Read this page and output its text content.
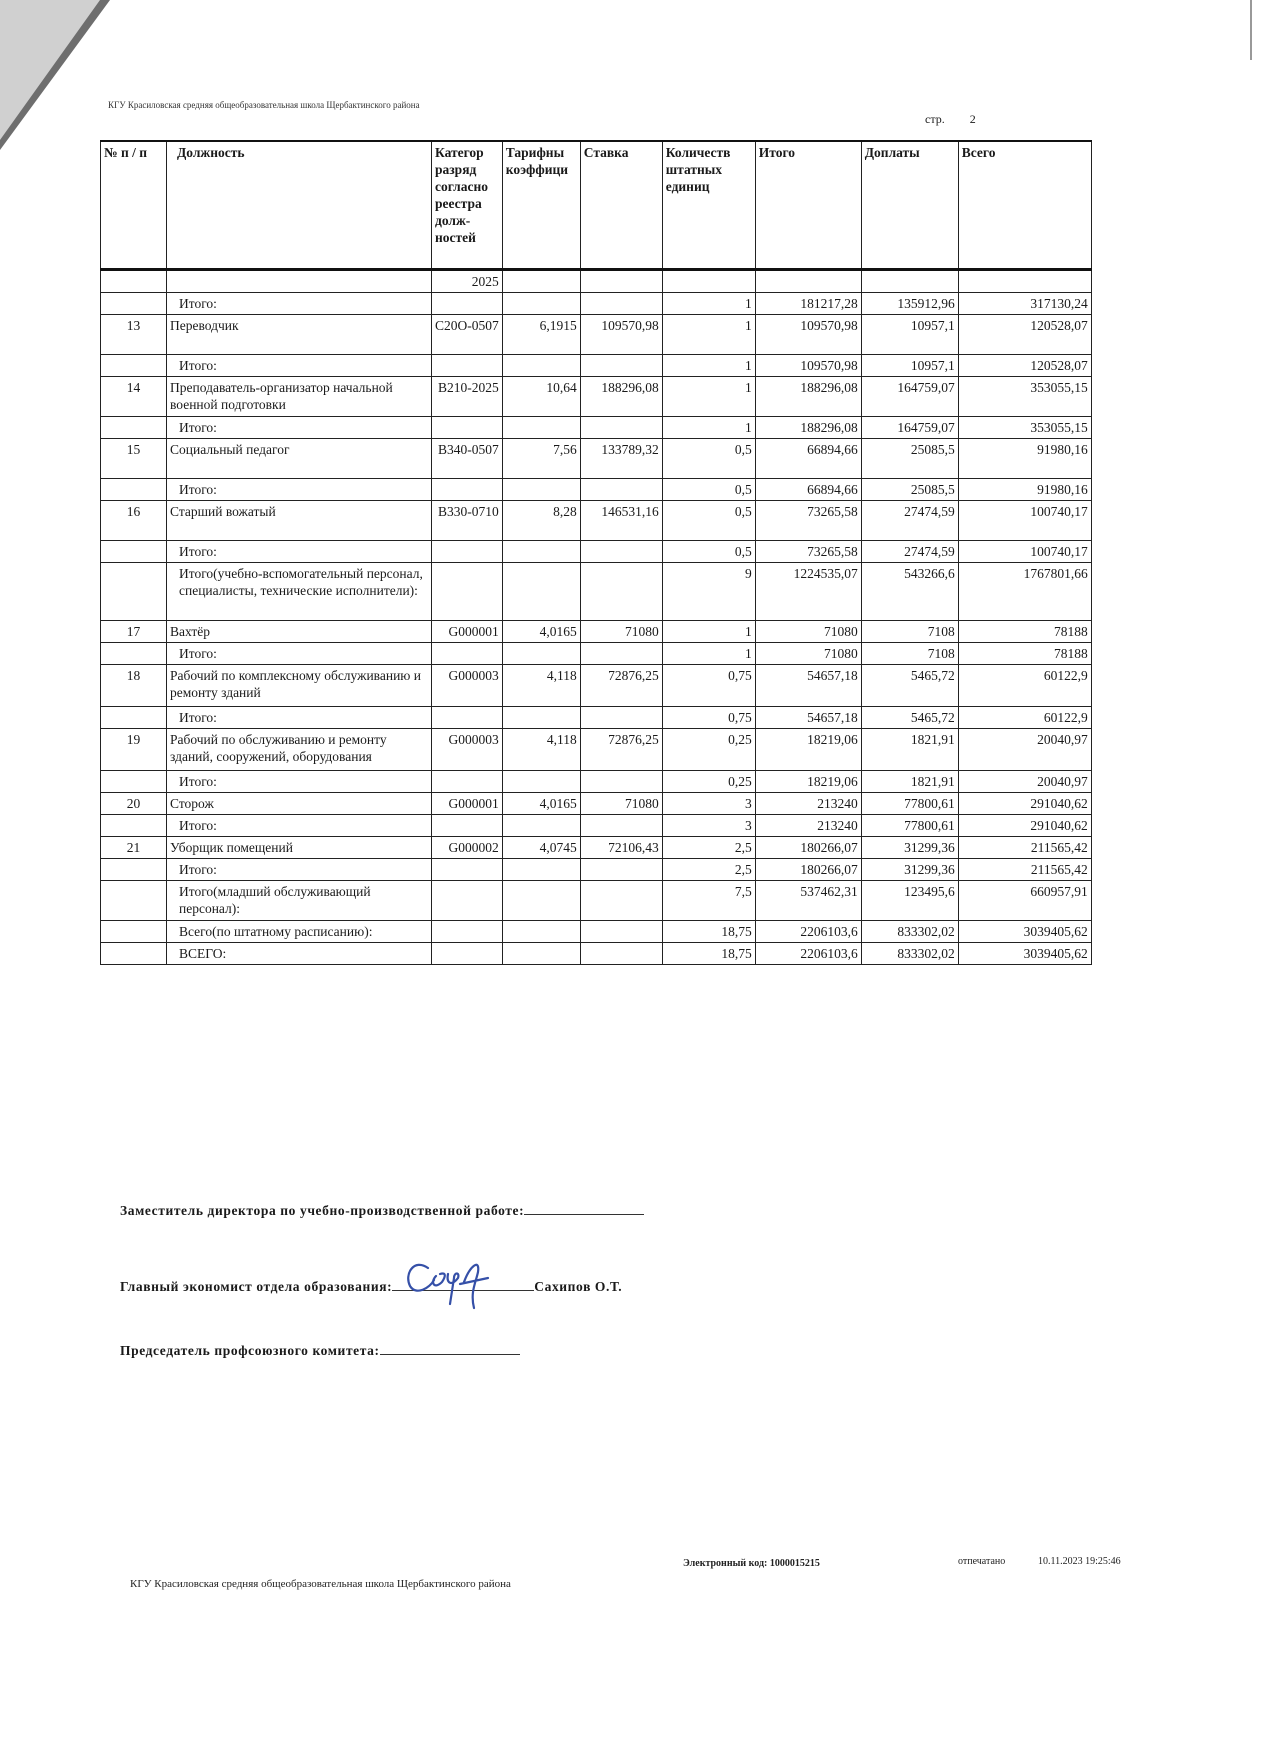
КГУ Красиловская средняя общеобразовательная школа Щербактинского района
стр. 2
№ п / п	Должность	Категор разряд согласно реестра долж-ностей	Тарифны коэффици	Ставка	Количеств штатных единиц	Итого	Доплаты	Всего
		2025						
	Итого:				1	181217,28	135912,96	317130,24
13	Переводчик	С20О-0507	6,1915	109570,98	1	109570,98	10957,1	120528,07
	Итого:				1	109570,98	10957,1	120528,07
14	Преподаватель-организатор начальной военной подготовки	В210-2025	10,64	188296,08	1	188296,08	164759,07	353055,15
	Итого:				1	188296,08	164759,07	353055,15
15	Социальный педагог	В340-0507	7,56	133789,32	0,5	66894,66	25085,5	91980,16
	Итого:				0,5	66894,66	25085,5	91980,16
16	Старший вожатый	В330-0710	8,28	146531,16	0,5	73265,58	27474,59	100740,17
	Итого:				0,5	73265,58	27474,59	100740,17
	Итого(учебно-вспомогательный персонал, специалисты, технические исполнители):				9	1224535,07	543266,6	1767801,66
17	Вахтёр	G000001	4,0165	71080	1	71080	7108	78188
	Итого:				1	71080	7108	78188
18	Рабочий по комплексному обслуживанию и ремонту зданий	G000003	4,118	72876,25	0,75	54657,18	5465,72	60122,9
	Итого:				0,75	54657,18	5465,72	60122,9
19	Рабочий по обслуживанию и ремонту зданий, сооружений, оборудования	G000003	4,118	72876,25	0,25	18219,06	1821,91	20040,97
	Итого:				0,25	18219,06	1821,91	20040,97
20	Сторож	G000001	4,0165	71080	3	213240	77800,61	291040,62
	Итого:				3	213240	77800,61	291040,62
21	Уборщик помещений	G000002	4,0745	72106,43	2,5	180266,07	31299,36	211565,42
	Итого:				2,5	180266,07	31299,36	211565,42
	Итого(младший обслуживающий персонал):				7,5	537462,31	123495,6	660957,91
	Всего(по штатному расписанию):				18,75	2206103,6	833302,02	3039405,62
	ВСЕГО:				18,75	2206103,6	833302,02	3039405,62
Заместитель директора по учебно-производственной работе:
Главный экономист отдела образования:	Сахипов О.Т.
Председатель профсоюзного комитета:
Электронный код: 1000015215	отпечатано	10.11.2023 19:25:46
КГУ Красиловская средняя общеобразовательная школа Щербактинского района
